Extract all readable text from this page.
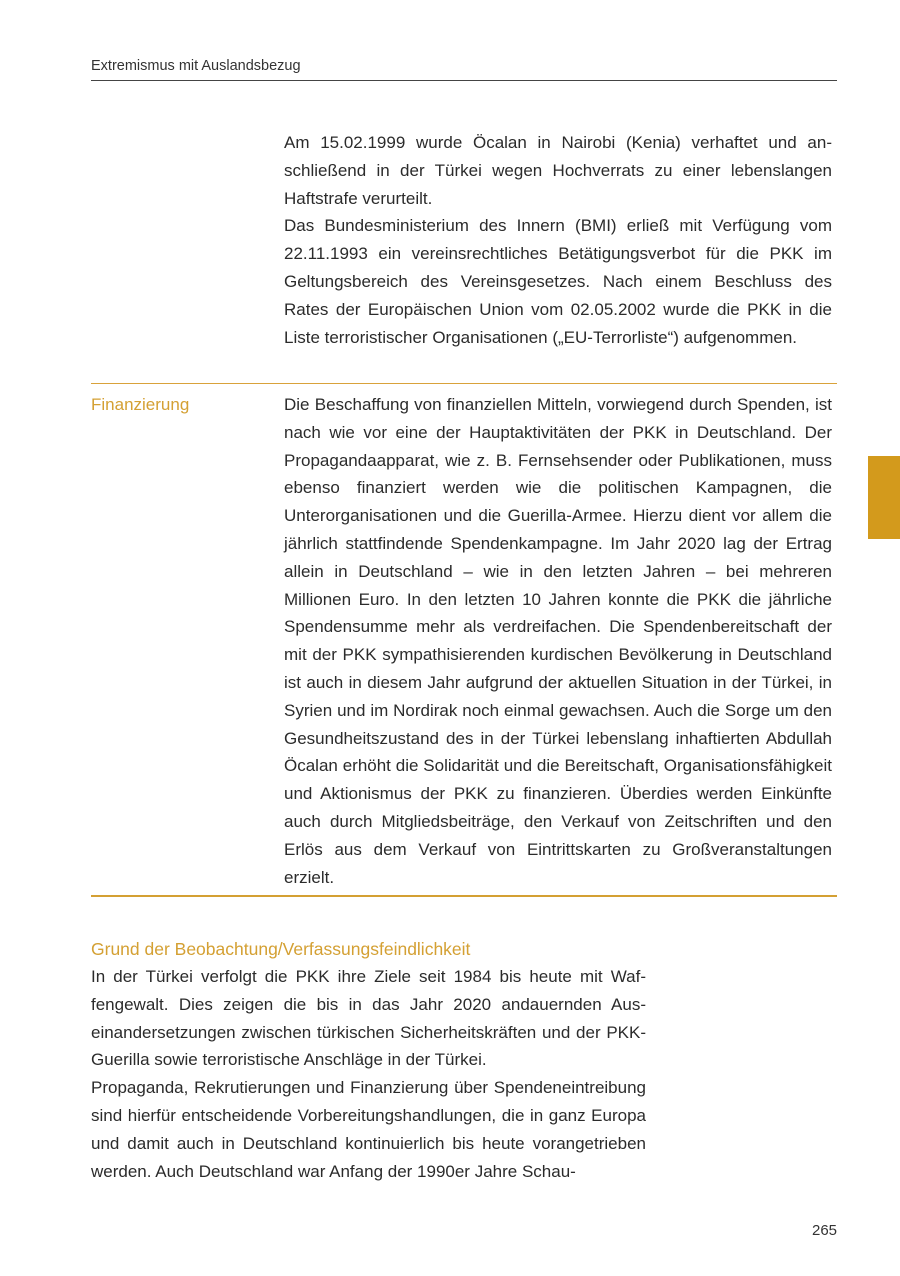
Extremismus mit Auslandsbezug

Am 15.02.1999 wurde Öcalan in Nairobi (Kenia) verhaftet und anschließend in der Türkei wegen Hochverrats zu einer lebenslangen Haftstrafe verurteilt.

Das Bundesministerium des Innern (BMI) erließ mit Verfügung vom 22.11.1993 ein vereinsrechtliches Betätigungsverbot für die PKK im Geltungsbereich des Vereinsgesetzes. Nach einem Beschluss des Rates der Europäischen Union vom 02.05.2002 wurde die PKK in die Liste terroristischer Organisationen („EU-Terrorliste“) aufgenommen.

Finanzierung	Die Beschaffung von finanziellen Mitteln, vorwiegend durch Spenden, ist nach wie vor eine der Hauptaktivitäten der PKK in Deutschland. Der Propagandaapparat, wie z. B. Fernsehsender oder Publikationen, muss ebenso finanziert werden wie die politischen Kampagnen, die Unterorganisationen und die Guerilla-Armee. Hierzu dient vor allem die jährlich stattfindende Spendenkampagne. Im Jahr 2020 lag der Ertrag allein in Deutschland – wie in den letzten Jahren – bei mehreren Millionen Euro. In den letzten 10 Jahren konnte die PKK die jährliche Spendensumme mehr als verdreifachen. Die Spendenbereitschaft der mit der PKK sympathisierenden kurdischen Bevölkerung in Deutschland ist auch in diesem Jahr aufgrund der aktuellen Situation in der Türkei, in Syrien und im Nordirak noch einmal gewachsen. Auch die Sorge um den Gesundheitszustand des in der Türkei lebenslang inhaftierten Abdullah Öcalan erhöht die Solidarität und die Bereitschaft, Organisationsfähigkeit und Aktionismus der PKK zu finanzieren. Überdies werden Einkünfte auch durch Mitgliedsbeiträge, den Verkauf von Zeitschriften und den Erlös aus dem Verkauf von Eintrittskarten zu Großveranstaltungen erzielt.

Grund der Beobachtung/Verfassungsfeindlichkeit

In der Türkei verfolgt die PKK ihre Ziele seit 1984 bis heute mit Waffengewalt. Dies zeigen die bis in das Jahr 2020 andauernden Auseinandersetzungen zwischen türkischen Sicherheitskräften und der PKK-Guerilla sowie terroristische Anschläge in der Türkei.

Propaganda, Rekrutierungen und Finanzierung über Spendeneintreibung sind hierfür entscheidende Vorbereitungshandlungen, die in ganz Europa und damit auch in Deutschland kontinuierlich bis heute vorangetrieben werden. Auch Deutschland war Anfang der 1990er Jahre Schau-

265
